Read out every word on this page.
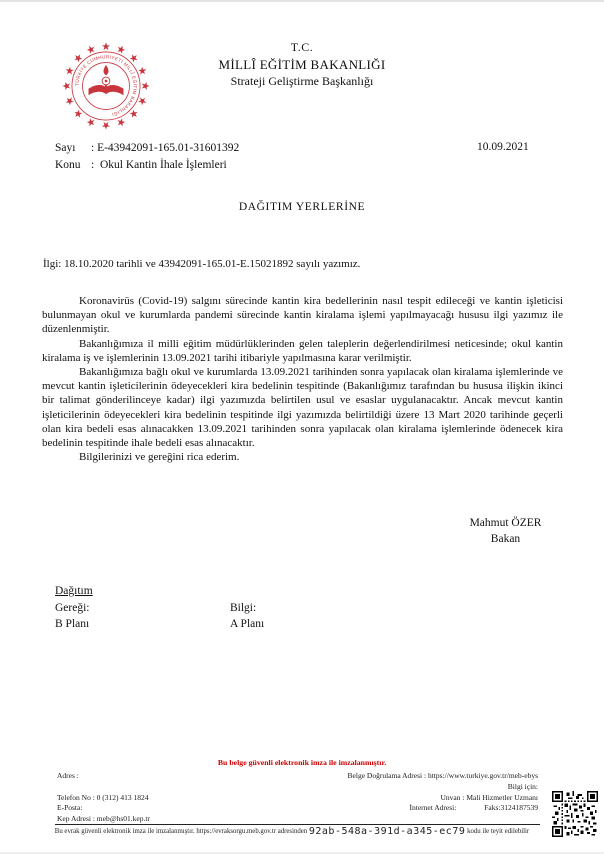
TÜRKİYE CUMHURİYETİ MİLLÎ EĞİTİM BAKANLIĞI
T.C.
MİLLÎ EĞİTİM BAKANLIĞI
Strateji Geliştirme Başkanlığı
Sayı	: E-43942091-165.01-31601392
Konu :  Okul Kantin İhale İşlemleri
10.09.2021
DAĞITIM YERLERİNE
İlgi: 18.10.2020 tarihli ve 43942091-165.01-E.15021892 sayılı yazımız.

Koronavirüs (Covid-19) salgını sürecinde kantin kira bedellerinin nasıl tespit edileceği ve kantin işleticisi bulunmayan okul ve kurumlarda pandemi sürecinde kantin kiralama işlemi yapılmayacağı hususu ilgi yazımız ile düzenlenmiştir.

Bakanlığımıza il milli eğitim müdürlüklerinden gelen taleplerin değerlendirilmesi neticesinde; okul kantin kiralama iş ve işlemlerinin 13.09.2021 tarihi itibariyle yapılmasına karar verilmiştir.

Bakanlığımıza bağlı okul ve kurumlarda 13.09.2021 tarihinden sonra yapılacak olan kiralama işlemlerinde ve mevcut kantin işleticilerinin ödeyecekleri kira bedelinin tespitinde (Bakanlığımız tarafından bu hususa ilişkin ikinci bir talimat gönderilinceye kadar) ilgi yazımızda belirtilen usul ve esaslar uygulanacaktır. Ancak mevcut kantin işleticilerinin ödeyecekleri kira bedelinin tespitinde ilgi yazımızda belirtildiği üzere 13 Mart 2020 tarihinde geçerli olan kira bedeli esas alınacakken 13.09.2021 tarihinden sonra yapılacak olan kiralama işlemlerinde ödenecek kira bedelinin tespitinde ihale bedeli esas alınacaktır.

Bilgilerinizi ve gereğini rica ederim.

Mahmut ÖZER
Bakan
Dağıtım
Gereği:	Bilgi:
B Planı	A Planı
Bu belge güvenli elektronik imza ile imzalanmıştır.
Adres :	Belge Doğrulama Adresi : https://www.turkiye.gov.tr/meb-ebys
Bilgi için:
Telefon No : 0 (312) 413 1824	Unvan : Mali Hizmetler Uzmanı
E-Posta:	İnternet Adresi:	Faks:3124187539
Kep Adresi : meb@hs01.kep.tr
Bu evrak güvenli elektronik imza ile imzalanmıştır. https://evraksorgu.meb.gov.tr adresinden 92ab-548a-391d-a345-ec79 kodu ile teyit edilebilir
